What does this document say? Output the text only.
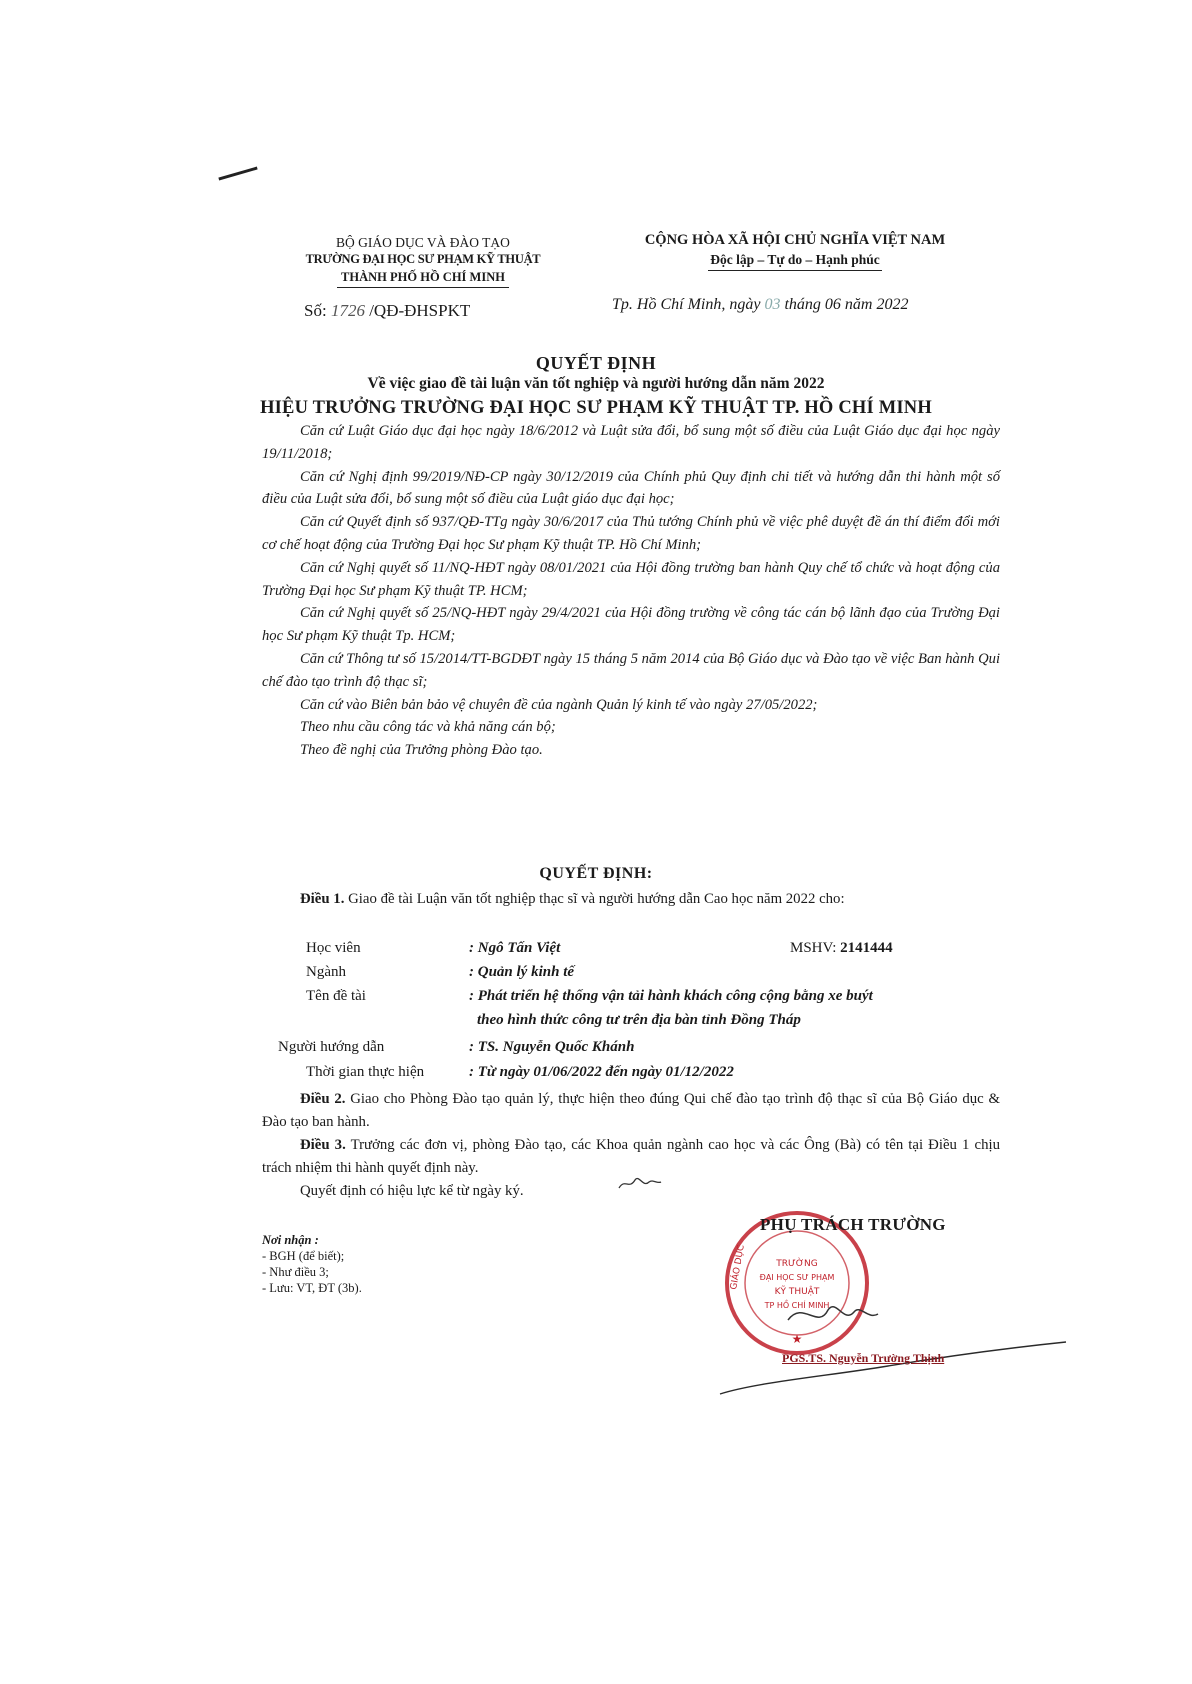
BỘ GIÁO DỤC VÀ ĐÀO TẠO
TRƯỜNG ĐẠI HỌC SƯ PHẠM KỸ THUẬT
THÀNH PHỐ HỒ CHÍ MINH
Số: 1726 /QĐ-ĐHSPKT
CỘNG HÒA XÃ HỘI CHỦ NGHĨA VIỆT NAM
Độc lập – Tự do – Hạnh phúc
Tp. Hồ Chí Minh, ngày 03 tháng 06 năm 2022
QUYẾT ĐỊNH
Về việc giao đề tài luận văn tốt nghiệp và người hướng dẫn năm 2022
HIỆU TRƯỞNG TRƯỜNG ĐẠI HỌC SƯ PHẠM KỸ THUẬT TP. HỒ CHÍ MINH

Căn cứ Luật Giáo dục đại học ngày 18/6/2012 và Luật sửa đổi, bổ sung một số điều của Luật Giáo dục đại học ngày 19/11/2018;

Căn cứ Nghị định 99/2019/NĐ-CP ngày 30/12/2019 của Chính phủ Quy định chi tiết và hướng dẫn thi hành một số điều của Luật sửa đổi, bổ sung một số điều của Luật giáo dục đại học;

Căn cứ Quyết định số 937/QĐ-TTg ngày 30/6/2017 của Thủ tướng Chính phủ về việc phê duyệt đề án thí điểm đổi mới cơ chế hoạt động của Trường Đại học Sư phạm Kỹ thuật TP. Hồ Chí Minh;

Căn cứ Nghị quyết số 11/NQ-HĐT ngày 08/01/2021 của Hội đồng trường ban hành Quy chế tổ chức và hoạt động của Trường Đại học Sư phạm Kỹ thuật TP. HCM;

Căn cứ Nghị quyết số 25/NQ-HĐT ngày 29/4/2021 của Hội đồng trường về công tác cán bộ lãnh đạo của Trường Đại học Sư phạm Kỹ thuật Tp. HCM;

Căn cứ Thông tư số 15/2014/TT-BGDĐT ngày 15 tháng 5 năm 2014 của Bộ Giáo dục và Đào tạo về việc Ban hành Qui chế đào tạo trình độ thạc sĩ;

Căn cứ vào Biên bản bảo vệ chuyên đề của ngành Quản lý kinh tế vào ngày 27/05/2022;

Theo nhu cầu công tác và khả năng cán bộ;

Theo đề nghị của Trưởng phòng Đào tạo.

QUYẾT ĐỊNH:

Điều 1. Giao đề tài Luận văn tốt nghiệp thạc sĩ và người hướng dẫn Cao học năm 2022 cho:

Học viên	: Ngô Tấn Việt	MSHV: 2141444
Ngành	: Quản lý kinh tế
Tên đề tài	: Phát triển hệ thống vận tải hành khách công cộng bằng xe buýt
theo hình thức công tư trên địa bàn tỉnh Đồng Tháp
Người hướng dẫn	: TS. Nguyễn Quốc Khánh
Thời gian thực hiện	: Từ ngày 01/06/2022 đến ngày 01/12/2022

Điều 2. Giao cho Phòng Đào tạo quản lý, thực hiện theo đúng Qui chế đào tạo trình độ thạc sĩ của Bộ Giáo dục & Đào tạo ban hành.

Điều 3. Trưởng các đơn vị, phòng Đào tạo, các Khoa quản ngành cao học và các Ông (Bà) có tên tại Điều 1 chịu trách nhiệm thi hành quyết định này.

Quyết định có hiệu lực kể từ ngày ký.

Nơi nhận :
- BGH (để biết);
- Như điều 3;
- Lưu: VT, ĐT (3b).
TRƯỜNG
ĐẠI HỌC SƯ PHẠM
KỸ THUẬT
TP HỒ CHÍ MINH
★
GIÁO DỤC
PHỤ TRÁCH TRƯỜNG
PGS.TS. Nguyễn Trường Thịnh
